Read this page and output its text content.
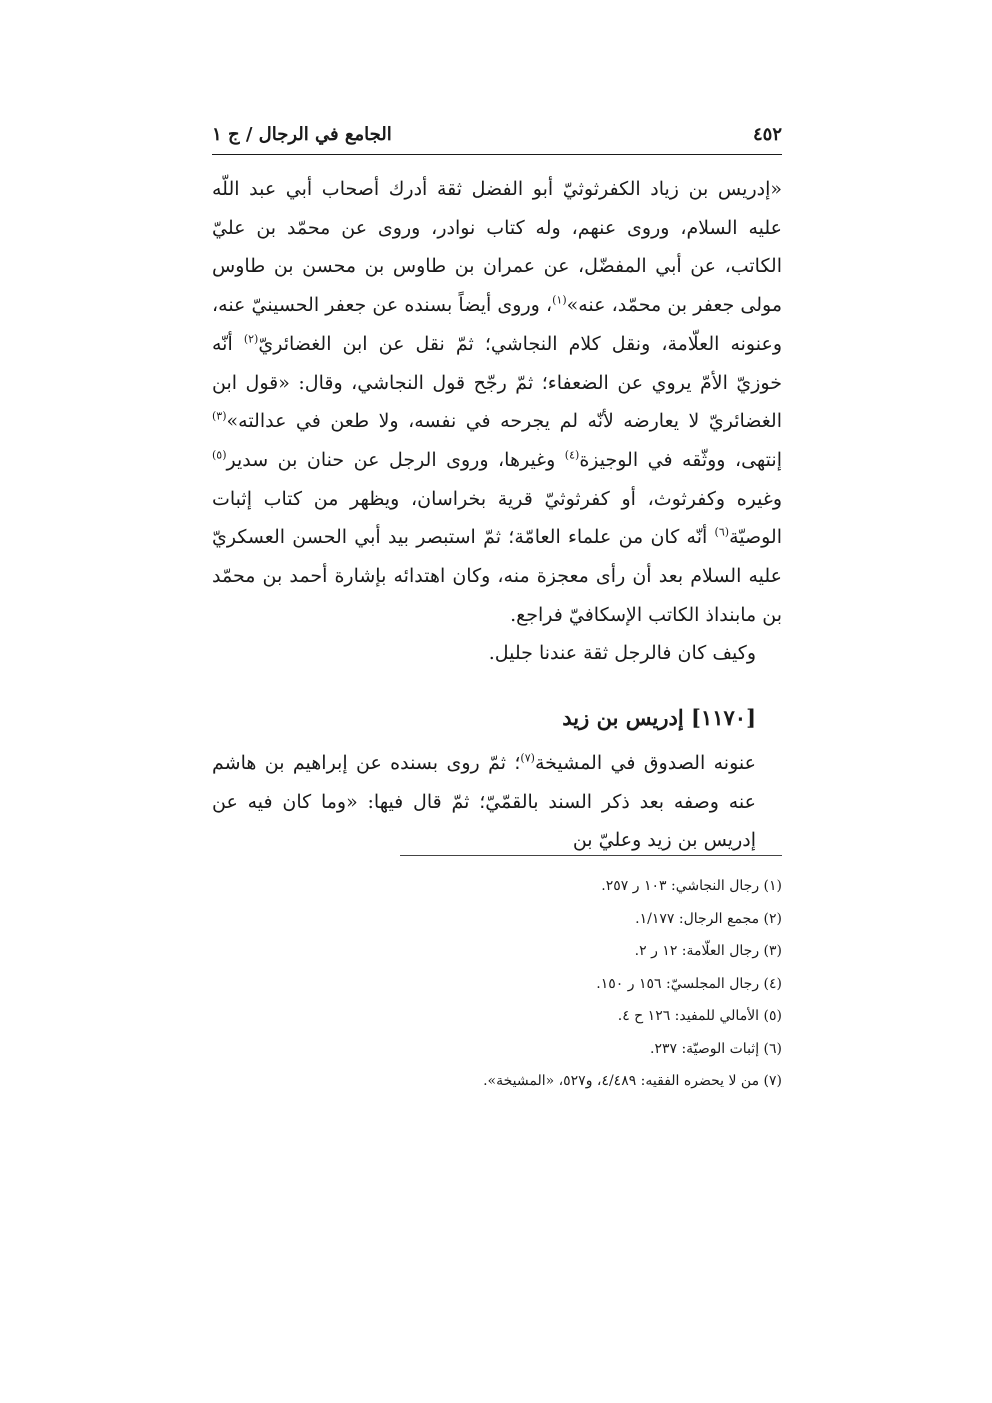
٤٥٢
الجامع في الرجال / ج ١

«إدريس بن زياد الكفرثوثيّ أبو الفضل ثقة أدرك أصحاب أبي عبد اللّه عليه السلام، وروى عنهم، وله كتاب نوادر، وروى عن محمّد بن عليّ الكاتب، عن أبي المفضّل، عن عمران بن طاوس بن محسن بن طاوس مولى جعفر بن محمّد، عنه»$^{(١)}$، وروى أيضاً بسنده عن جعفر الحسينيّ عنه، وعنونه العلّامة، ونقل كلام النجاشي؛ ثمّ نقل عن ابن الغضائريّ$^{(٢)}$ أنّه خوزيّ الأمّ يروي عن الضعفاء؛ ثمّ رجّح قول النجاشي، وقال: «قول ابن الغضائريّ لا يعارضه لأنّه لم يجرحه في نفسه، ولا طعن في عدالته»$^{(٣)}$ إنتهى، ووثّقه في الوجيزة$^{(٤)}$ وغيرها، وروى الرجل عن حنان بن سدير$^{(٥)}$ وغيره وكفرثوث، أو كفرثوثيّ قرية بخراسان، ويظهر من كتاب إثبات الوصيّة$^{(٦)}$ أنّه كان من علماء العامّة؛ ثمّ استبصر بيد أبي الحسن العسكريّ عليه السلام بعد أن رأى معجزة منه، وكان اهتدائه بإشارة أحمد بن محمّد بن مابنداذ الكاتب الإسكافيّ فراجع.

وكيف كان فالرجل ثقة عندنا جليل.

[١١٧٠] إدريس بن زيد

عنونه الصدوق في المشيخة$^{(٧)}$؛ ثمّ روى بسنده عن إبراهيم بن هاشم عنه وصفه بعد ذكر السند بالقمّيّ؛ ثمّ قال فيها: «وما كان فيه عن إدريس بن زيد وعليّ بن

(١) رجال النجاشي: ١٠٣ ر ٢٥٧.
(٢) مجمع الرجال: ١/١٧٧.
(٣) رجال العلّامة: ١٢ ر ٢.
(٤) رجال المجلسيّ: ١٥٦ ر ١٥٠.
(٥) الأمالي للمفيد: ١٢٦ ح ٤.
(٦) إثبات الوصيّة: ٢٣٧.
(٧) من لا يحضره الفقيه: ٤/٤٨٩، و٥٢٧، «المشيخة».
